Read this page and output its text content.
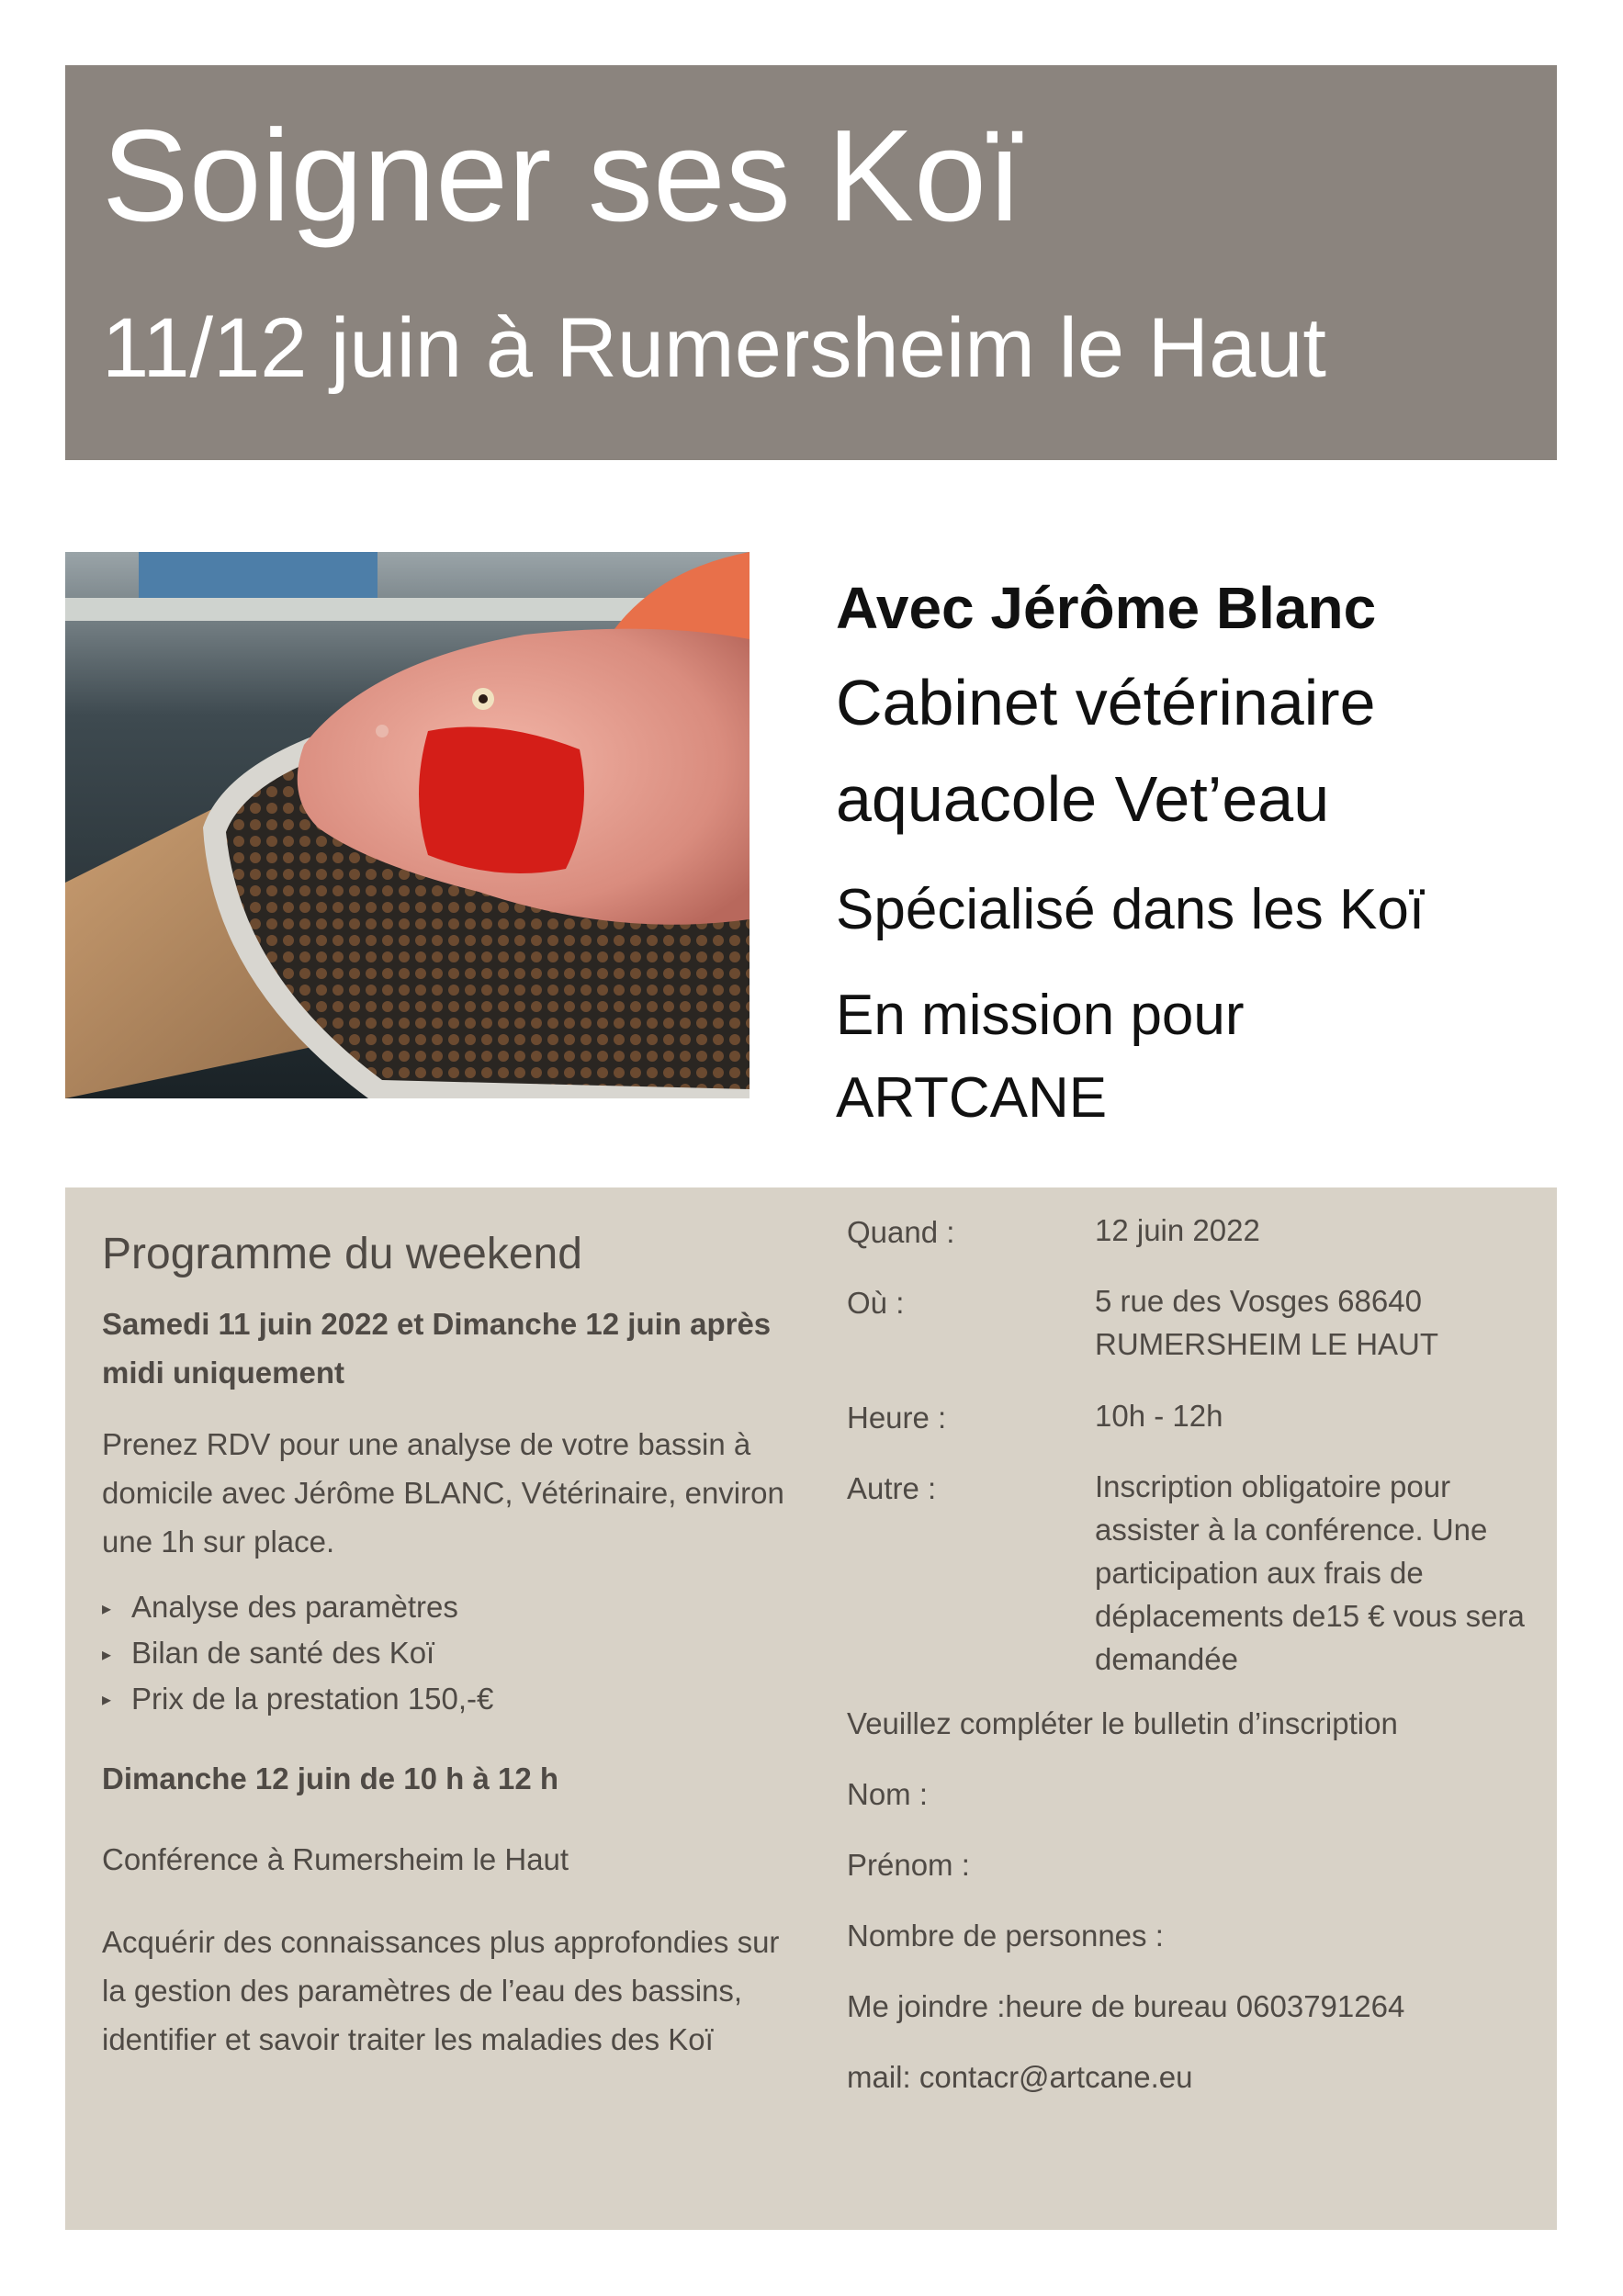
Soigner ses Koï
11/12 juin à Rumersheim le Haut
Avec Jérôme Blanc
Cabinet vétérinaire
aquacole Vet’eau
Spécialisé dans les Koï
En mission pour
ARTCANE
Programme du weekend
Samedi 11 juin 2022 et Dimanche 12 juin après midi uniquement
Prenez RDV pour une analyse de votre bassin à domicile avec Jérôme BLANC, Vétérinaire, environ une 1h sur place.
▸ Analyse des paramètres
▸ Bilan de santé des Koï
▸ Prix de la prestation 150,-€
Dimanche 12 juin de 10 h à 12 h
Conférence à Rumersheim le Haut
Acquérir des connaissances plus approfondies sur la gestion des paramètres de l’eau des bassins, identifier et savoir traiter les maladies des Koï
Quand :	12 juin 2022
Où :	5 rue des Vosges 68640
RUMERSHEIM LE HAUT
Heure :	10h - 12h
Autre :	Inscription obligatoire pour assister à la conférence. Une participation aux frais de déplacements de15 € vous sera demandée
Veuillez compléter le bulletin d’inscription
Nom :
Prénom :
Nombre de personnes :
Me joindre :heure de bureau 0603791264
mail: contacr@artcane.eu
